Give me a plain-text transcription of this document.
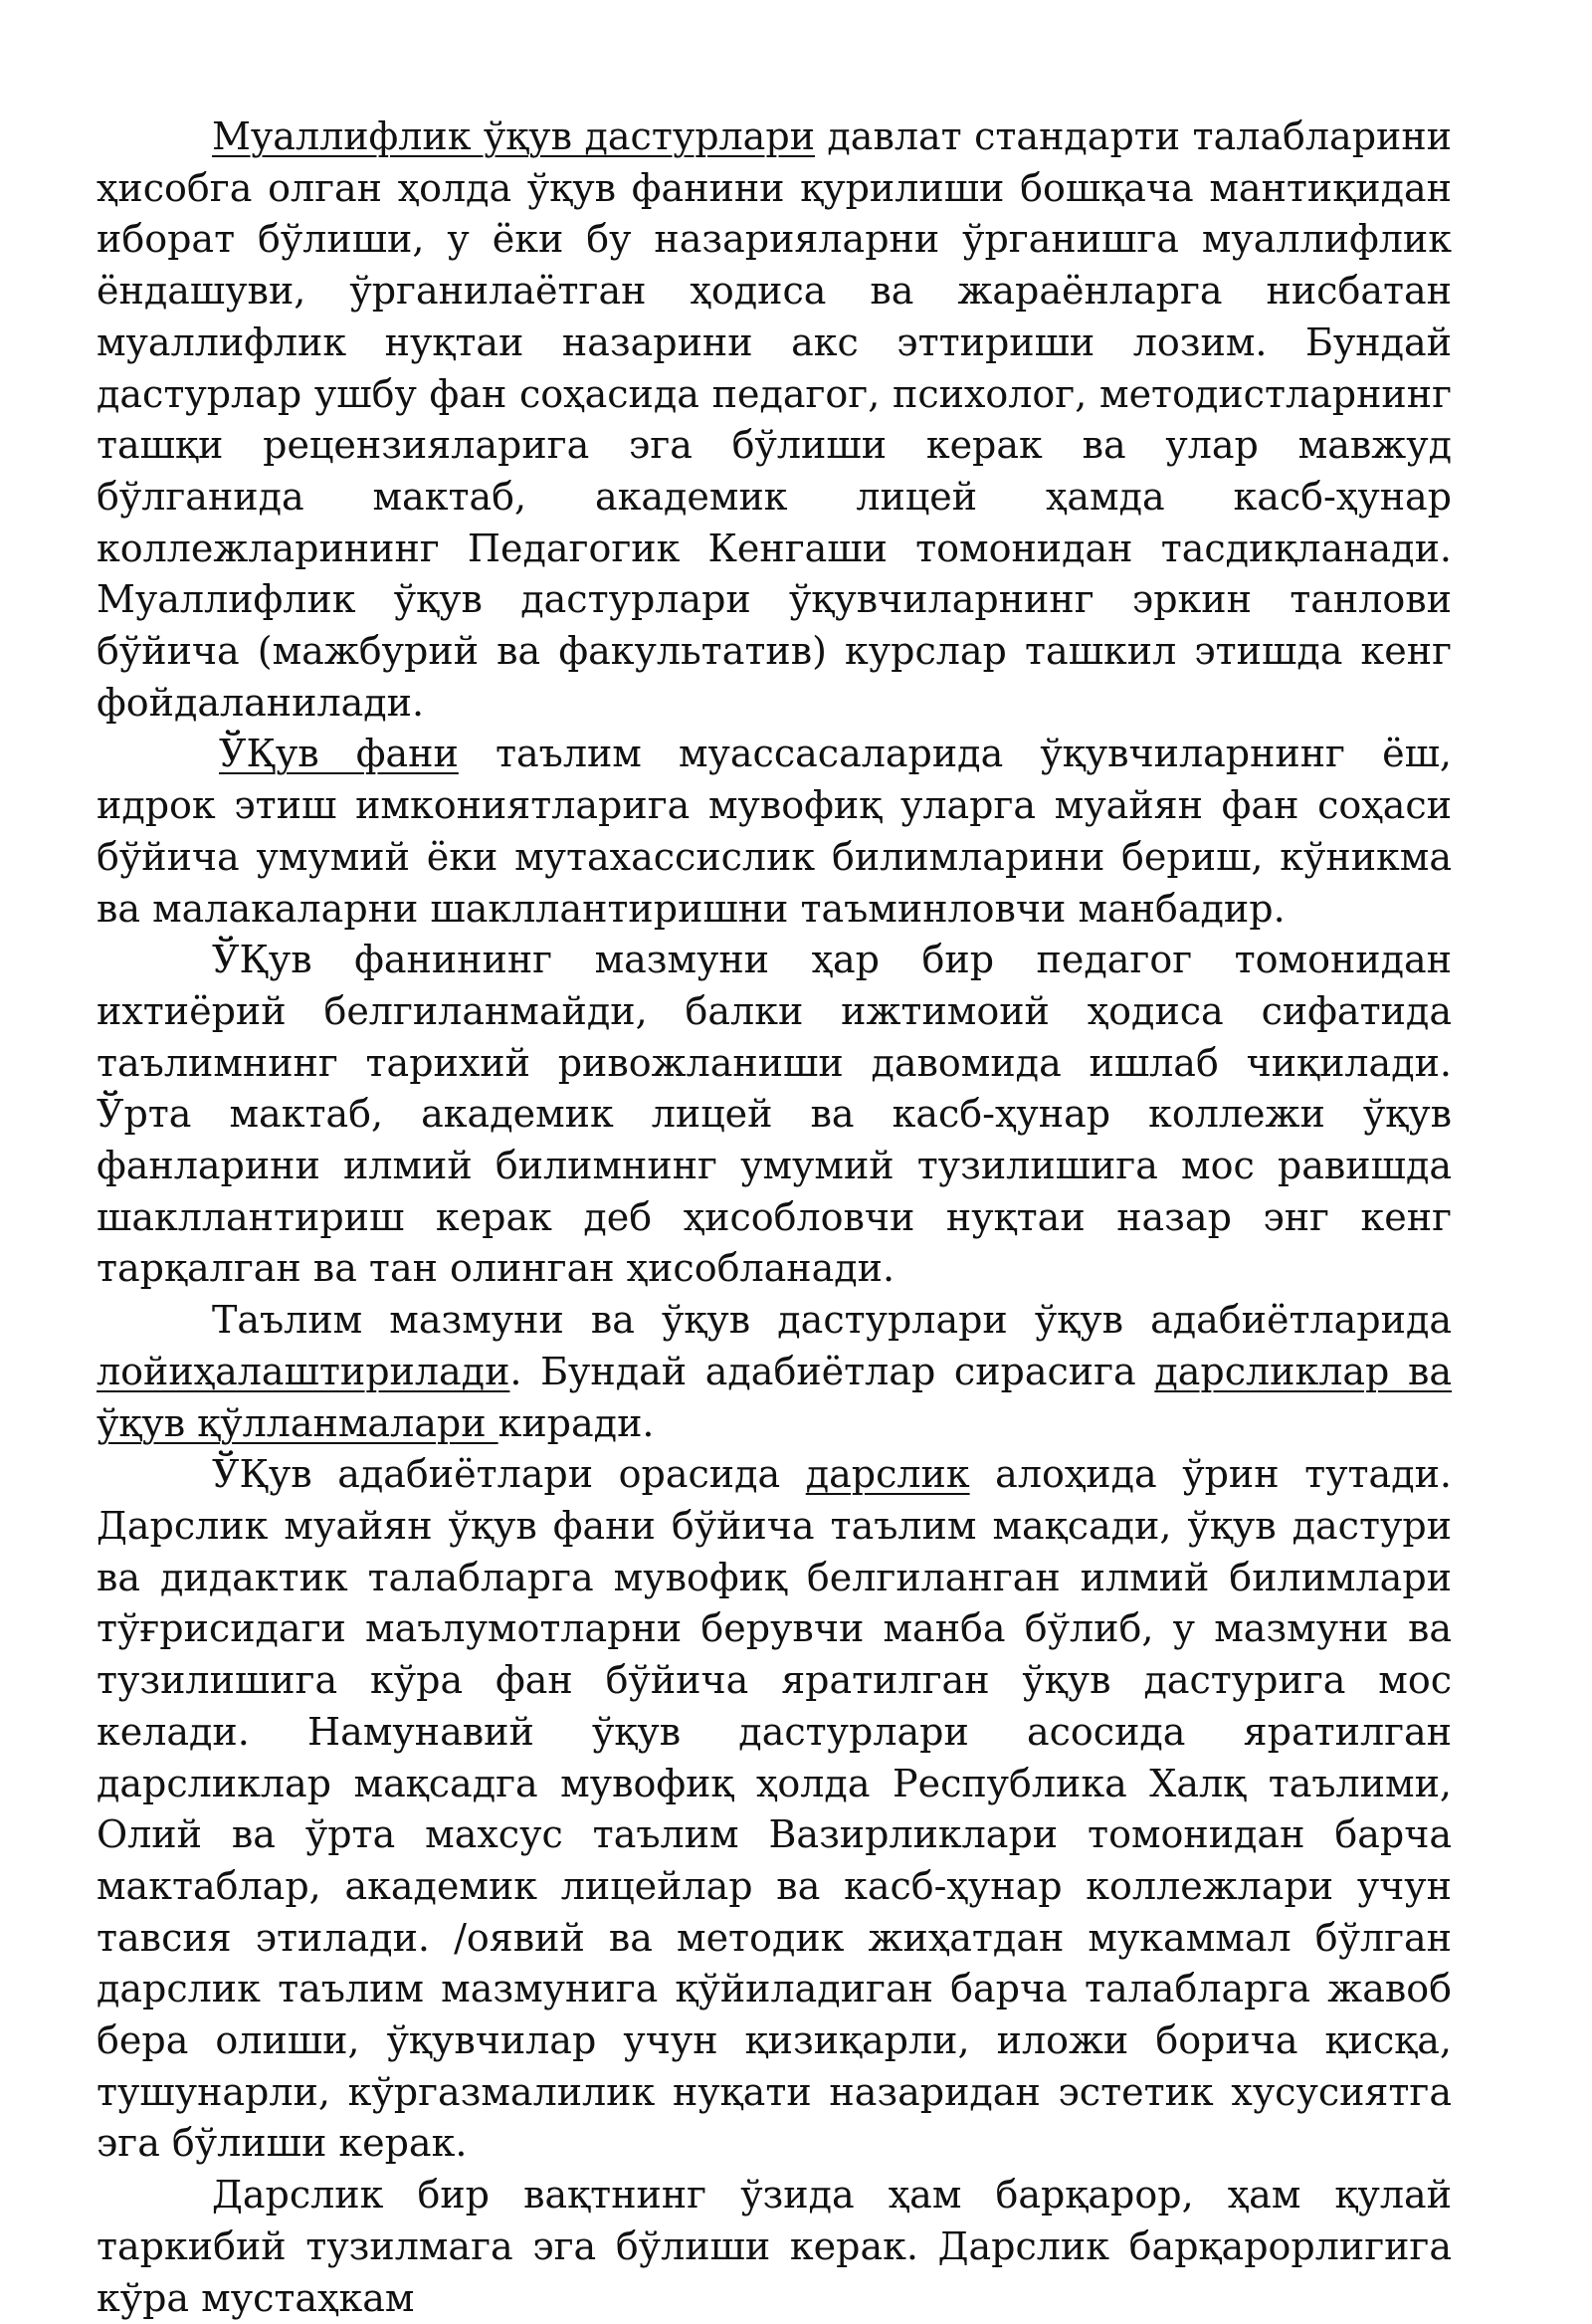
Муаллифлик ўқув дастурлари давлат стандарти талабларини ҳисобга олган ҳолда ўқув фанини қурилиши бошқача мантиқидан иборат бўлиши, у ёки бу назарияларни ўрганишга муаллифлик ёндашуви, ўрганилаётган ҳодиса ва жараёнларга нисбатан муаллифлик нуқтаи назарини акс эттириши лозим. Бундай дастурлар ушбу фан соҳасида педагог, психолог, методистларнинг ташқи рецензияларига эга бўлиши керак ва улар мавжуд бўлганида мактаб, академик лицей ҳамда касб-ҳунар коллежларининг Педагогик Кенгаши томонидан тасдиқланади. Муаллифлик ўқув дастурлари ўқувчиларнинг эркин танлови бўйича (мажбурий ва факультатив) курслар ташкил этишда кенг фойдаланилади.

ЎҚув фани таълим муассасаларида ўқувчиларнинг ёш, идрок этиш имкониятларига мувофиқ уларга муайян фан соҳаси бўйича умумий ёки мутахассислик билимларини бериш, кўникма ва малакаларни шакллантиришни таъминловчи манбадир.

ЎҚув фанининг мазмуни ҳар бир педагог томонидан ихтиёрий белгиланмайди, балки ижтимоий ҳодиса сифатида таълимнинг тарихий ривожланиши давомида ишлаб чиқилади. Ўрта мактаб, академик лицей ва касб-ҳунар коллежи ўқув фанларини илмий билимнинг умумий тузилишига мос равишда шакллантириш керак деб ҳисобловчи нуқтаи назар энг кенг тарқалган ва тан олинган ҳисобланади.

Таълим мазмуни ва ўқув дастурлари ўқув адабиётларида лойиҳалаштирилади. Бундай адабиётлар сирасига дарсликлар ва ўқув қўлланмалари киради.

ЎҚув адабиётлари орасида дарслик алоҳида ўрин тутади. Дарслик муайян ўқув фани бўйича таълим мақсади, ўқув дастури ва дидактик талабларга мувофиқ белгиланган илмий билимлари тўғрисидаги маълумотларни берувчи манба бўлиб, у мазмуни ва тузилишига кўра фан бўйича яратилган ўқув дастурига мос келади. Намунавий ўқув дастурлари асосида яратилган дарсликлар мақсадга мувофиқ ҳолда Республика Халқ таълими, Олий ва ўрта махсус таълим Вазирликлари томонидан барча мактаблар, академик лицейлар ва касб-ҳунар коллежлари учун тавсия этилади. /оявий ва методик жиҳатдан мукаммал бўлган дарслик таълим мазмунига қўйиладиган барча талабларга жавоб бера олиши, ўқувчилар учун қизиқарли, иложи борича қисқа, тушунарли, кўргазмалилик нуқати назаридан эстетик хусусиятга эга бўлиши керак.

Дарслик бир вақтнинг ўзида ҳам барқарор, ҳам қулай таркибий тузилмага эга бўлиши керак. Дарслик барқарорлигига кўра мустаҳкам
